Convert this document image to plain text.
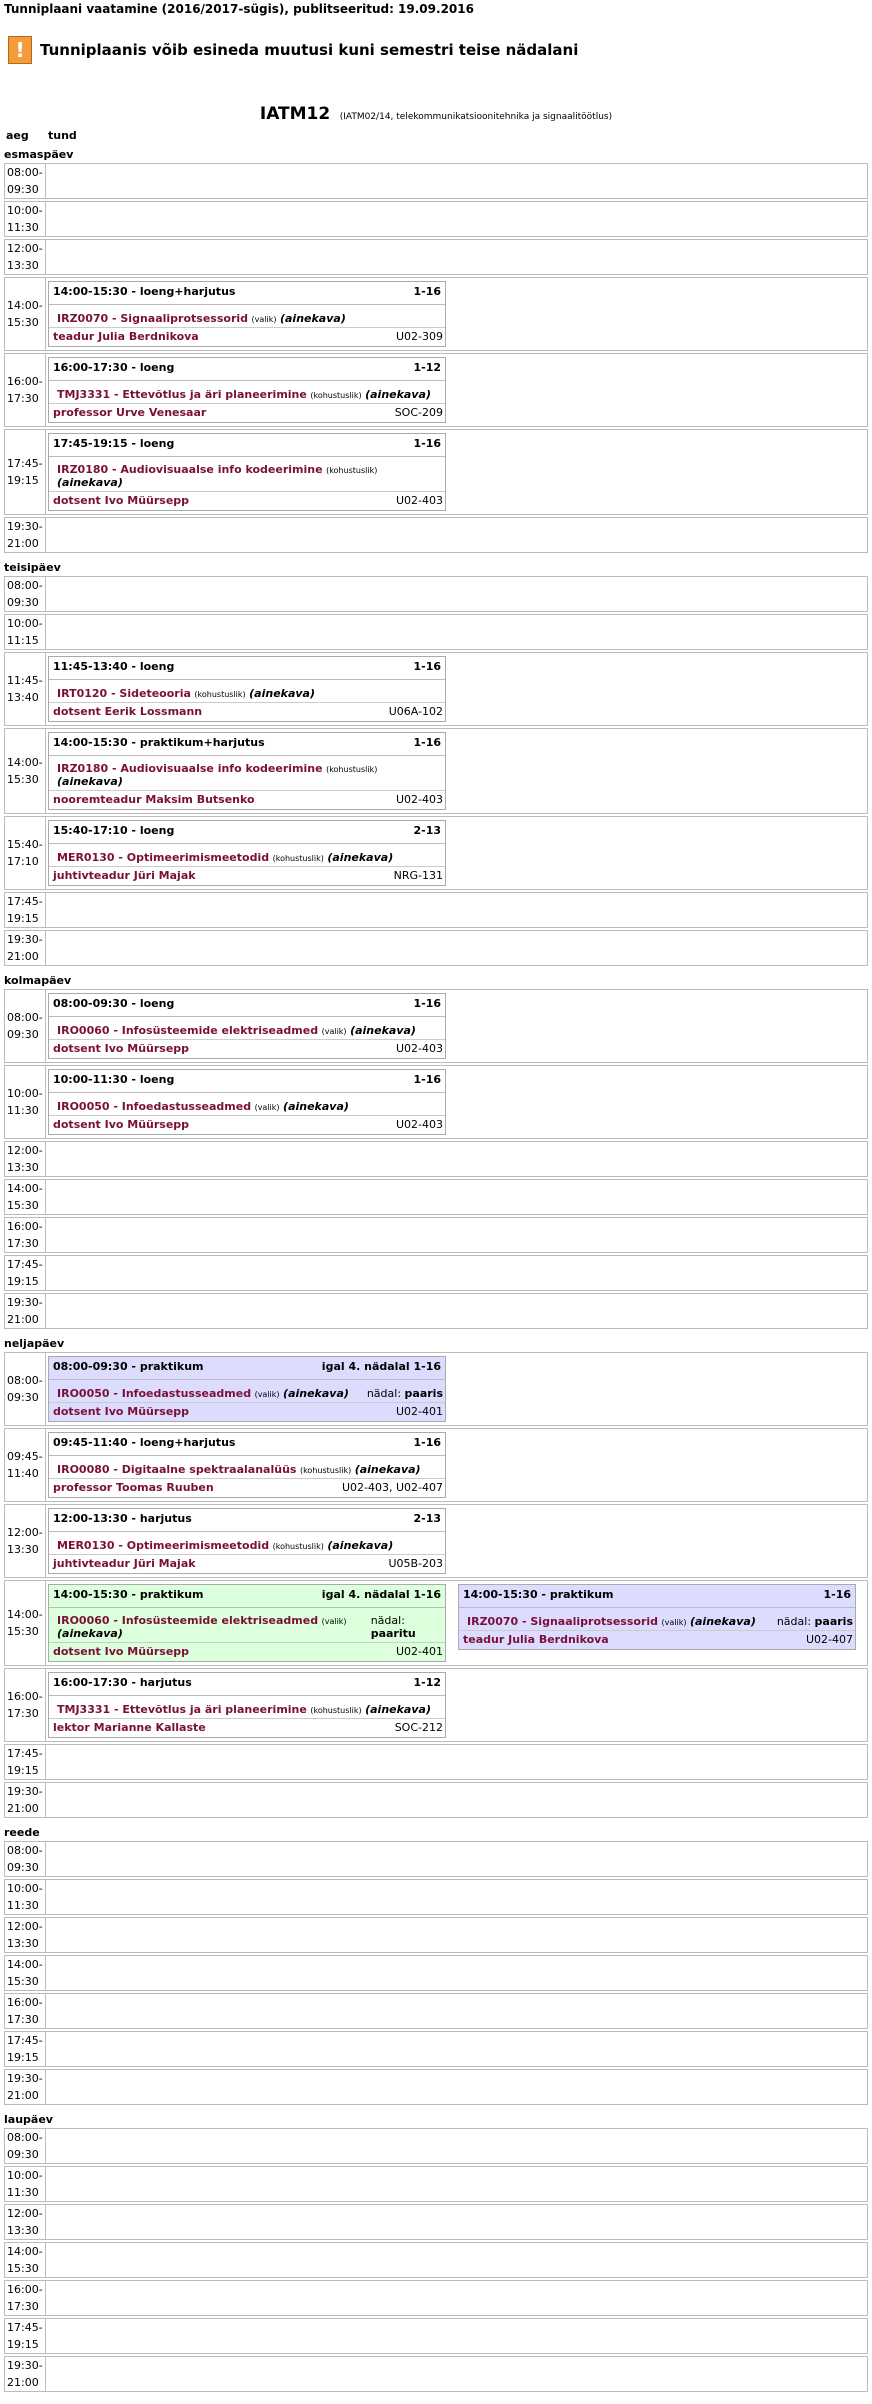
Tunniplaani vaatamine (2016/2017-sügis), publitseeritud: 19.09.2016
!	Tunniplaanis võib esineda muutusi kuni semestri teise nädalani
IATM12 (IATM02/14, telekommunikatsioonitehnika ja signaalitöötlus)
aeg	tund
esmaspäev
08:00-
09:30
10:00-
11:30
12:00-
13:30
14:00-
15:30
14:00-15:30 - loeng+harjutus	1-16
IRZ0070 - Signaaliprotsessorid (valik) (ainekava)
teadur Julia Berdnikova	U02-309
16:00-
17:30
16:00-17:30 - loeng	1-12
TMJ3331 - Ettevõtlus ja äri planeerimine (kohustuslik) (ainekava)
professor Urve Venesaar	SOC-209
17:45-
19:15
17:45-19:15 - loeng	1-16
IRZ0180 - Audiovisuaalse info kodeerimine (kohustuslik) (ainekava)
dotsent Ivo Müürsepp	U02-403
19:30-
21:00
teisipäev
08:00-
09:30
10:00-
11:15
11:45-
13:40
11:45-13:40 - loeng	1-16
IRT0120 - Sideteooria (kohustuslik) (ainekava)
dotsent Eerik Lossmann	U06A-102
14:00-
15:30
14:00-15:30 - praktikum+harjutus	1-16
IRZ0180 - Audiovisuaalse info kodeerimine (kohustuslik) (ainekava)
nooremteadur Maksim Butsenko	U02-403
15:40-
17:10
15:40-17:10 - loeng	2-13
MER0130 - Optimeerimismeetodid (kohustuslik) (ainekava)
juhtivteadur Jüri Majak	NRG-131
17:45-
19:15
19:30-
21:00
kolmapäev
08:00-
09:30
08:00-09:30 - loeng	1-16
IRO0060 - Infosüsteemide elektriseadmed (valik) (ainekava)
dotsent Ivo Müürsepp	U02-403
10:00-
11:30
10:00-11:30 - loeng	1-16
IRO0050 - Infoedastusseadmed (valik) (ainekava)
dotsent Ivo Müürsepp	U02-403
12:00-
13:30
14:00-
15:30
16:00-
17:30
17:45-
19:15
19:30-
21:00
neljapäev
08:00-
09:30
08:00-09:30 - praktikum	igal 4. nädalal 1-16
IRO0050 - Infoedastusseadmed (valik) (ainekava) nädal: paaris
dotsent Ivo Müürsepp	U02-401
09:45-
11:40
09:45-11:40 - loeng+harjutus	1-16
IRO0080 - Digitaalne spektraalanalüüs (kohustuslik) (ainekava)
professor Toomas Ruuben	U02-403, U02-407
12:00-
13:30
12:00-13:30 - harjutus	2-13
MER0130 - Optimeerimismeetodid (kohustuslik) (ainekava)
juhtivteadur Jüri Majak	U05B-203
14:00-
15:30
14:00-15:30 - praktikum	igal 4. nädalal 1-16
IRO0060 - Infosüsteemide elektriseadmed (valik) (ainekava)
nädal: paaritu
dotsent Ivo Müürsepp	U02-401
14:00-15:30 - praktikum	1-16
IRZ0070 - Signaaliprotsessorid (valik) (ainekava) nädal: paaris
teadur Julia Berdnikova	U02-407
16:00-
17:30
16:00-17:30 - harjutus	1-12
TMJ3331 - Ettevõtlus ja äri planeerimine (kohustuslik) (ainekava)
lektor Marianne Kallaste	SOC-212
17:45-
19:15
19:30-
21:00
reede
08:00-
09:30
10:00-
11:30
12:00-
13:30
14:00-
15:30
16:00-
17:30
17:45-
19:15
19:30-
21:00
laupäev
08:00-
09:30
10:00-
11:30
12:00-
13:30
14:00-
15:30
16:00-
17:30
17:45-
19:15
19:30-
21:00
